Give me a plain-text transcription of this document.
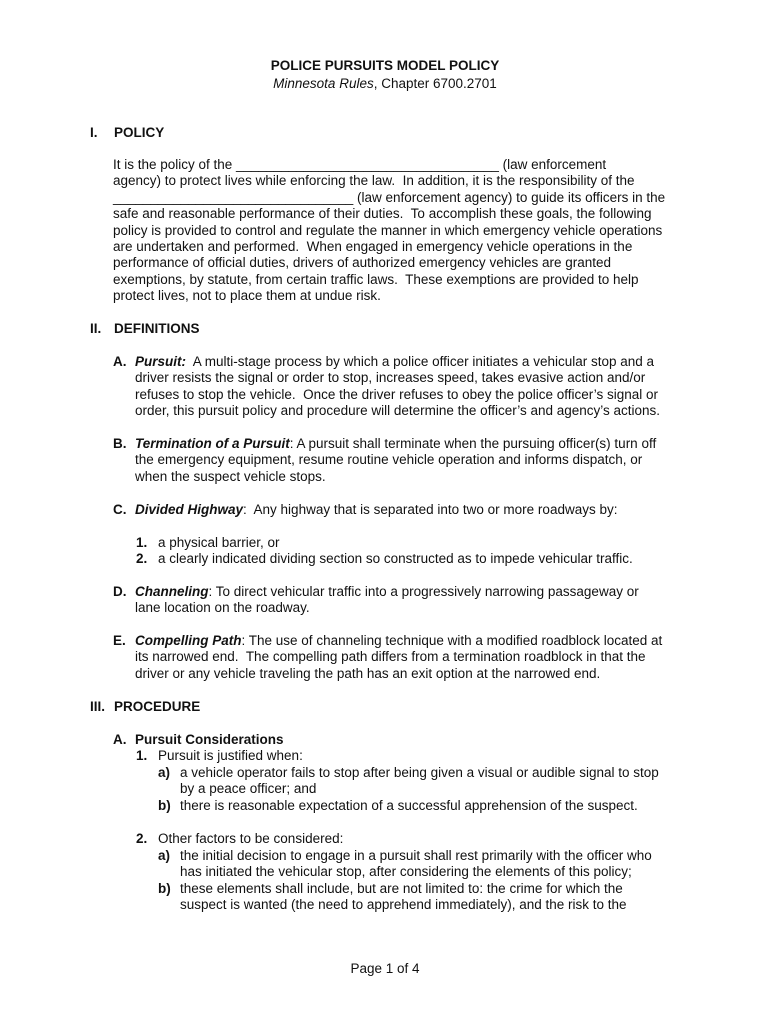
POLICE PURSUITS MODEL POLICY
Minnesota Rules, Chapter 6700.2701
I. POLICY
It is the policy of the ___________________________________ (law enforcement
agency) to protect lives while enforcing the law.  In addition, it is the responsibility of the
________________________________ (law enforcement agency) to guide its officers in the
safe and reasonable performance of their duties.  To accomplish these goals, the following
policy is provided to control and regulate the manner in which emergency vehicle operations
are undertaken and performed.  When engaged in emergency vehicle operations in the
performance of official duties, drivers of authorized emergency vehicles are granted
exemptions, by statute, from certain traffic laws.  These exemptions are provided to help
protect lives, not to place them at undue risk.
II. DEFINITIONS
A. Pursuit: A multi-stage process by which a police officer initiates a vehicular stop and a
driver resists the signal or order to stop, increases speed, takes evasive action and/or
refuses to stop the vehicle.  Once the driver refuses to obey the police officer’s signal or
order, this pursuit policy and procedure will determine the officer’s and agency’s actions.
B. Termination of a Pursuit: A pursuit shall terminate when the pursuing officer(s) turn off
the emergency equipment, resume routine vehicle operation and informs dispatch, or
when the suspect vehicle stops.
C. Divided Highway:  Any highway that is separated into two or more roadways by:
1. a physical barrier, or
2. a clearly indicated dividing section so constructed as to impede vehicular traffic.
D. Channeling: To direct vehicular traffic into a progressively narrowing passageway or
lane location on the roadway.
E. Compelling Path: The use of channeling technique with a modified roadblock located at
its narrowed end.  The compelling path differs from a termination roadblock in that the
driver or any vehicle traveling the path has an exit option at the narrowed end.
III. PROCEDURE
A. Pursuit Considerations
1. Pursuit is justified when:
a) a vehicle operator fails to stop after being given a visual or audible signal to stop
by a peace officer; and
b) there is reasonable expectation of a successful apprehension of the suspect.
2. Other factors to be considered:
a) the initial decision to engage in a pursuit shall rest primarily with the officer who
has initiated the vehicular stop, after considering the elements of this policy;
b) these elements shall include, but are not limited to: the crime for which the
suspect is wanted (the need to apprehend immediately), and the risk to the
Page 1 of 4
